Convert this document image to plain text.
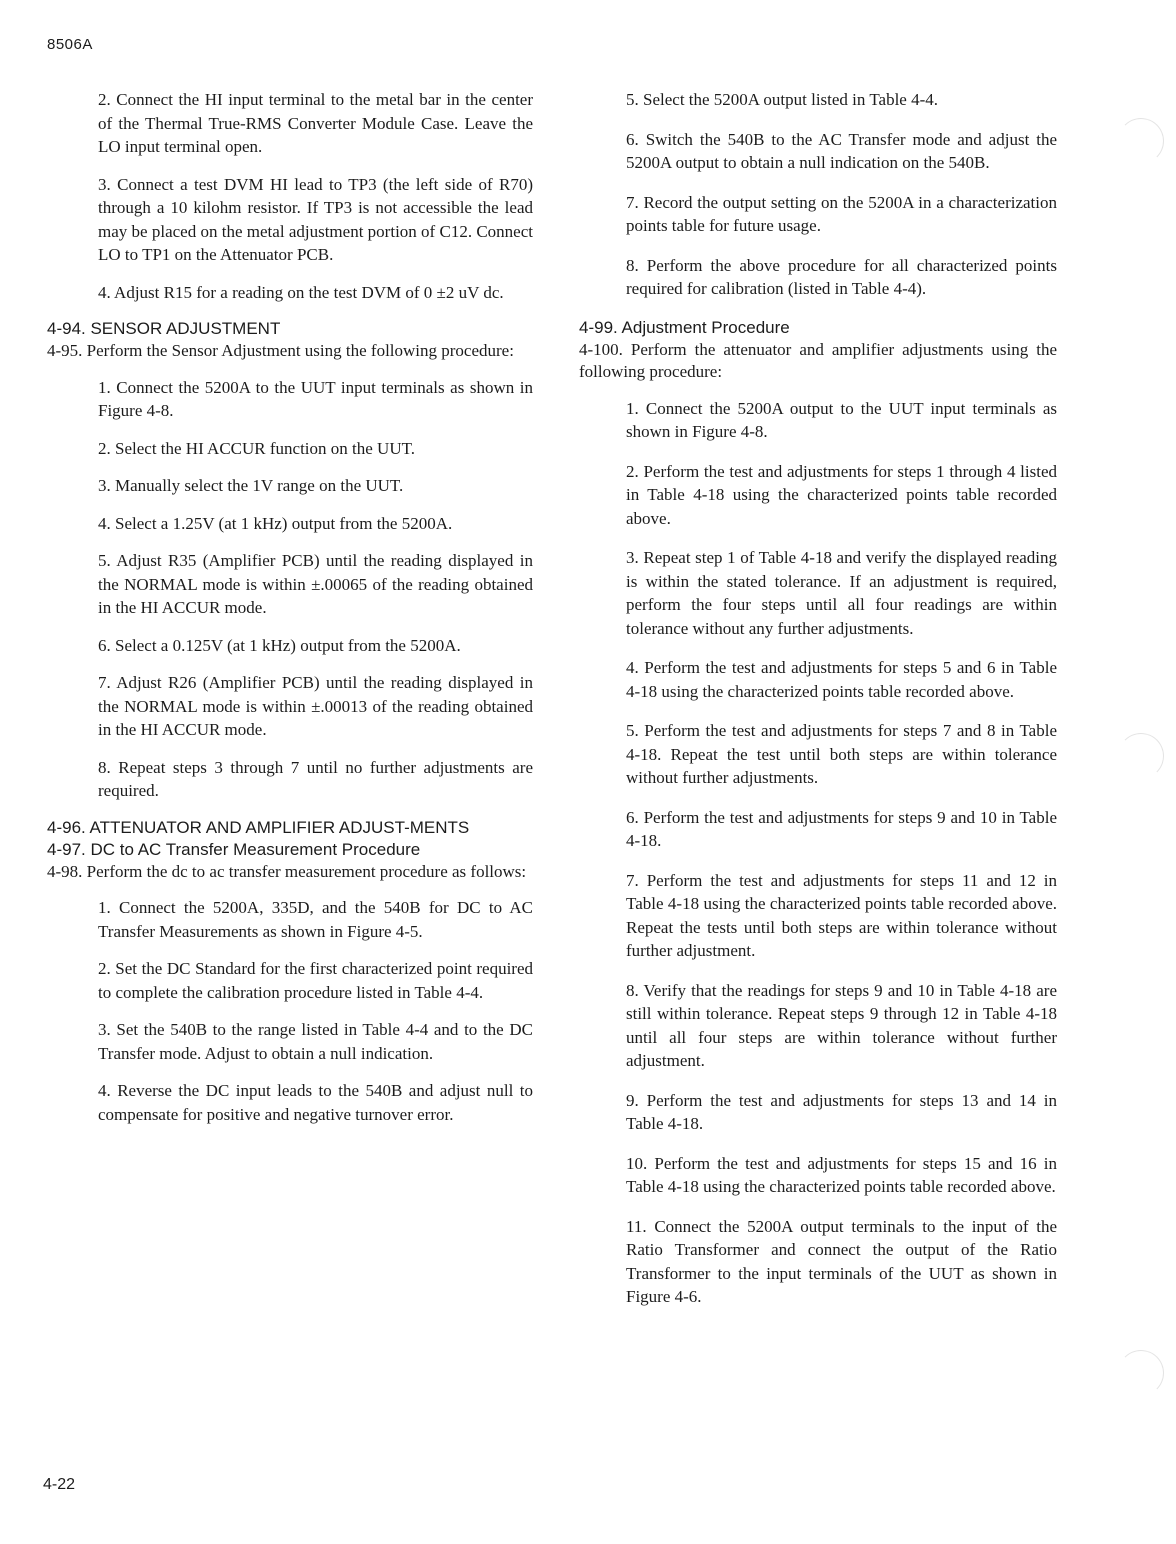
8506A

2. Connect the HI input terminal to the metal bar in the center of the Thermal True-RMS Converter Module Case. Leave the LO input terminal open.

3. Connect a test DVM HI lead to TP3 (the left side of R70) through a 10 kilohm resistor. If TP3 is not accessible the lead may be placed on the metal adjustment portion of C12. Connect LO to TP1 on the Attenuator PCB.

4. Adjust R15 for a reading on the test DVM of 0 ±2 uV dc.

4-94. SENSOR ADJUSTMENT

4-95. Perform the Sensor Adjustment using the following procedure:

1. Connect the 5200A to the UUT input terminals as shown in Figure 4-8.

2. Select the HI ACCUR function on the UUT.

3. Manually select the 1V range on the UUT.

4. Select a 1.25V (at 1 kHz) output from the 5200A.

5. Adjust R35 (Amplifier PCB) until the reading displayed in the NORMAL mode is within ±.00065 of the reading obtained in the HI ACCUR mode.

6. Select a 0.125V (at 1 kHz) output from the 5200A.

7. Adjust R26 (Amplifier PCB) until the reading displayed in the NORMAL mode is within ±.00013 of the reading obtained in the HI ACCUR mode.

8. Repeat steps 3 through 7 until no further adjustments are required.

4-96. ATTENUATOR AND AMPLIFIER ADJUST-MENTS

4-97. DC to AC Transfer Measurement Procedure

4-98. Perform the dc to ac transfer measurement procedure as follows:

1. Connect the 5200A, 335D, and the 540B for DC to AC Transfer Measurements as shown in Figure 4-5.

2. Set the DC Standard for the first characterized point required to complete the calibration procedure listed in Table 4-4.

3. Set the 540B to the range listed in Table 4-4 and to the DC Transfer mode. Adjust to obtain a null indication.

4. Reverse the DC input leads to the 540B and adjust null to compensate for positive and negative turnover error.

5. Select the 5200A output listed in Table 4-4.

6. Switch the 540B to the AC Transfer mode and adjust the 5200A output to obtain a null indication on the 540B.

7. Record the output setting on the 5200A in a characterization points table for future usage.

8. Perform the above procedure for all characterized points required for calibration (listed in Table 4-4).

4-99. Adjustment Procedure

4-100. Perform the attenuator and amplifier adjustments using the following procedure:

1. Connect the 5200A output to the UUT input terminals as shown in Figure 4-8.

2. Perform the test and adjustments for steps 1 through 4 listed in Table 4-18 using the characterized points table recorded above.

3. Repeat step 1 of Table 4-18 and verify the displayed reading is within the stated tolerance. If an adjustment is required, perform the four steps until all four readings are within tolerance without any further adjustments.

4. Perform the test and adjustments for steps 5 and 6 in Table 4-18 using the characterized points table recorded above.

5. Perform the test and adjustments for steps 7 and 8 in Table 4-18. Repeat the test until both steps are within tolerance without further adjustments.

6. Perform the test and adjustments for steps 9 and 10 in Table 4-18.

7. Perform the test and adjustments for steps 11 and 12 in Table 4-18 using the characterized points table recorded above. Repeat the tests until both steps are within tolerance without further adjustment.

8. Verify that the readings for steps 9 and 10 in Table 4-18 are still within tolerance. Repeat steps 9 through 12 in Table 4-18 until all four steps are within tolerance without further adjustment.

9. Perform the test and adjustments for steps 13 and 14 in Table 4-18.

10. Perform the test and adjustments for steps 15 and 16 in Table 4-18 using the characterized points table recorded above.

11. Connect the 5200A output terminals to the input of the Ratio Transformer and connect the output of the Ratio Transformer to the input terminals of the UUT as shown in Figure 4-6.

4-22
